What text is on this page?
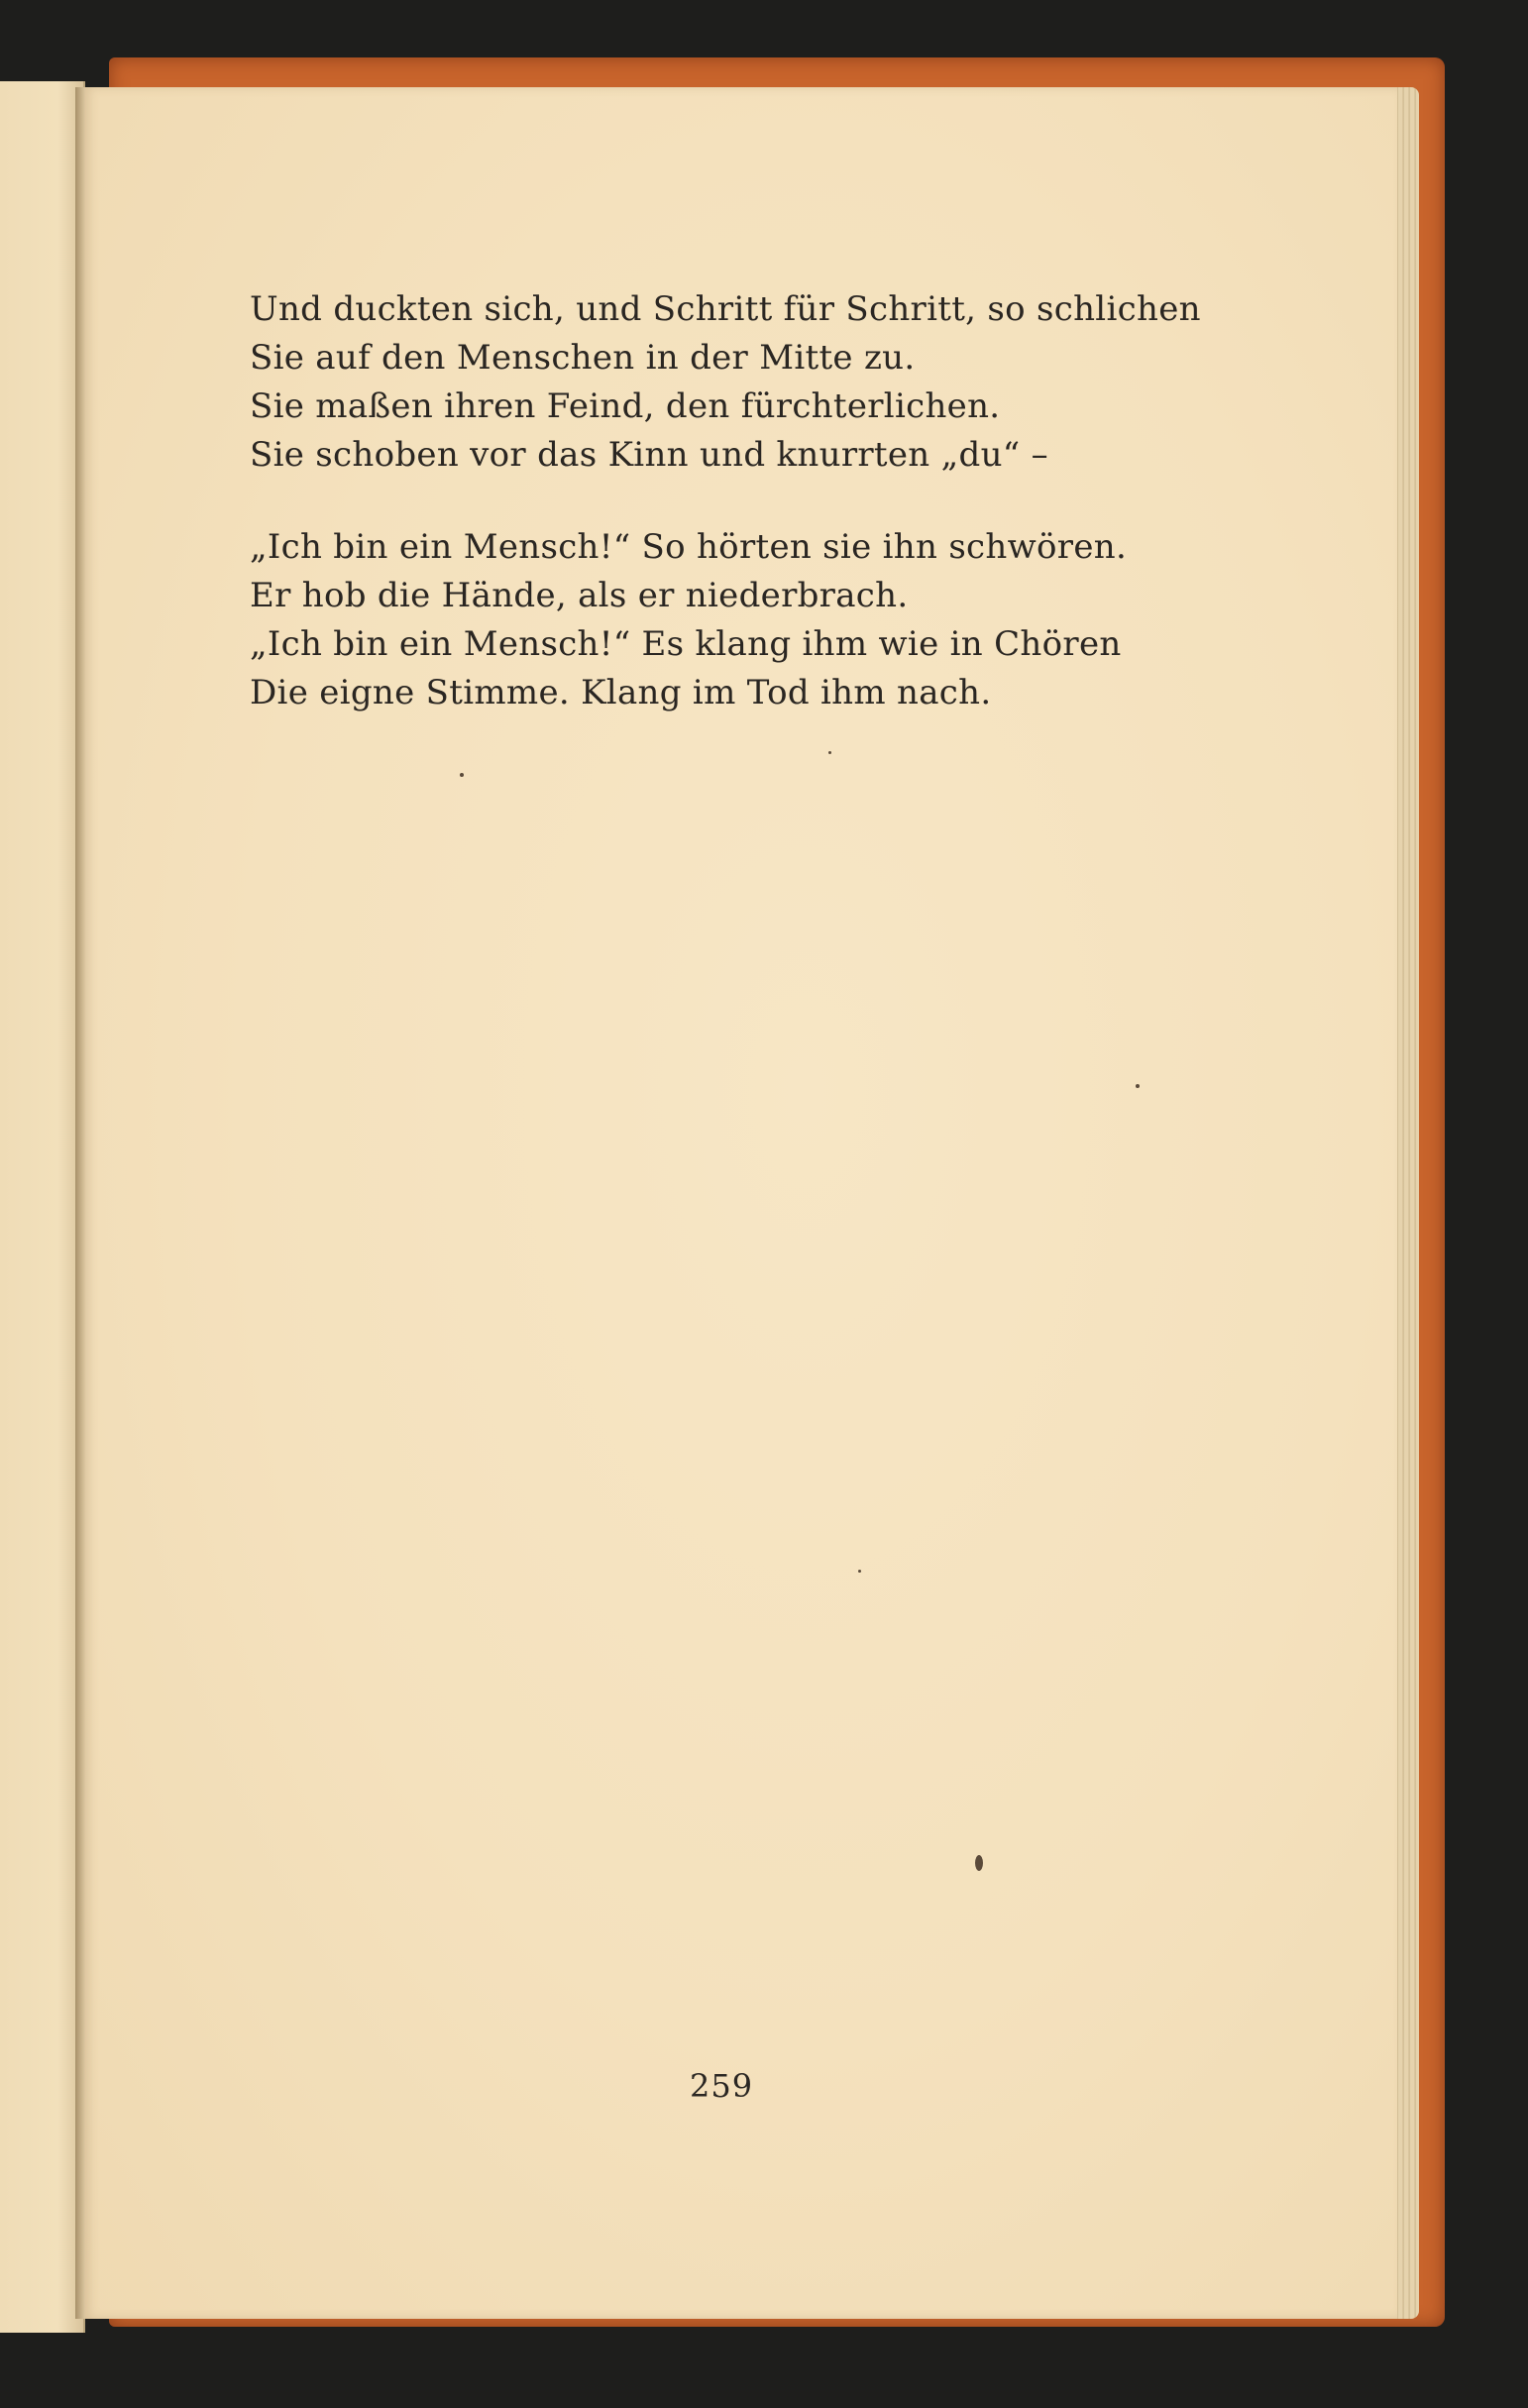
Und duckten sich, und Schritt für Schritt, so schlichen
Sie auf den Menschen in der Mitte zu.
Sie maßen ihren Feind, den fürchterlichen.
Sie schoben vor das Kinn und knurrten „du“ –
„Ich bin ein Mensch!“ So hörten sie ihn schwören.
Er hob die Hände, als er niederbrach.
„Ich bin ein Mensch!“ Es klang ihm wie in Chören
Die eigne Stimme. Klang im Tod ihm nach.
259
